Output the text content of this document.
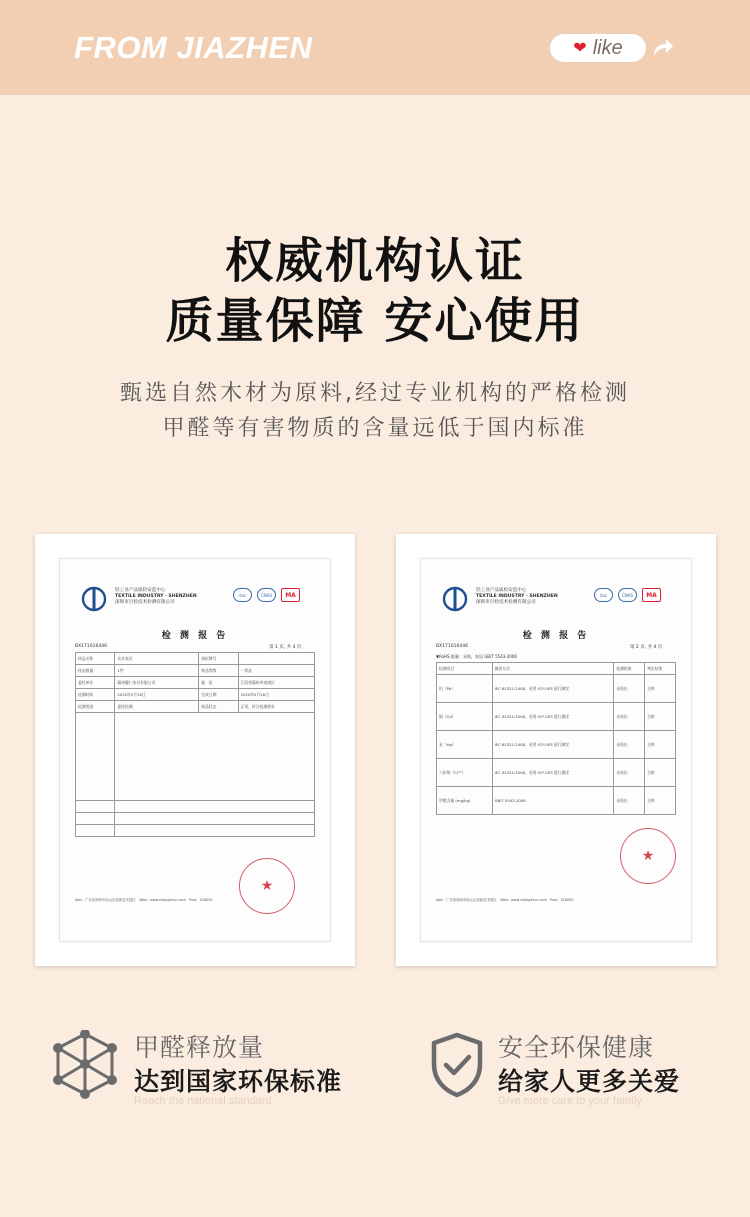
FROM JIAZHEN	❤ like
权威机构认证
质量保障 安心使用
甄选自然木材为原料,经过专业机构的严格检测
甲醛等有害物质的含量远低于国内标准
轻工业产品质检安监中心
TEXTILE INDUSTRY · SHENZHEN
深圳市百检技术检测有限公司
ilac	CNAS	MA
检 测 报 告
BX171016446	第 1 页, 共 4 页
样品名称	实木家具	商标牌号	
样品数量	1件	样品等级	一等品
委托单位	赣州藤仁家具有限公司	地　址	江西省赣州市南康区
检测时间	2020年5月18日	完成日期	2020年5月18日
检测类别	委托检测	样品状态	正常，符合检测要求

★
Add：广东省深圳市南山区高新技术园区　Web：www.changliecn.com　Post：518000
轻工业产品质检安监中心
TEXTILE INDUSTRY · SHENZHEN
深圳市百检技术检测有限公司
ilac	CNAS	MA
检 测 报 告
BX171016446	第 2 页, 共 4 页
▼RoHS 限量：采购，家居 GB/T 5543-2006
检测项目	测试方法	检测结果	判定结果
铅（Pb）	IEC 62321:2008，采用 ICP-OES 进行测定	未检出	合格
镉（Cd）	IEC 62321:2008，采用 ICP-OES 进行测定	未检出	合格
汞（Hg）	IEC 62321:2008，采用 ICP-OES 进行测定	未检出	合格
六价铬（Cr⁶⁺）	IEC 62321:2008，采用 ICP-OES 进行测定	未检出	合格
甲醛含量 (mg/kg)	GB/T 5543-2006	未检出	合格
★
Add：广东省深圳市南山区高新技术园区　Web：www.changliecn.com　Post：518000
甲醛释放量
达到国家环保标准
Reach the national standard
安全环保健康
给家人更多关爱
Give more care to your family
